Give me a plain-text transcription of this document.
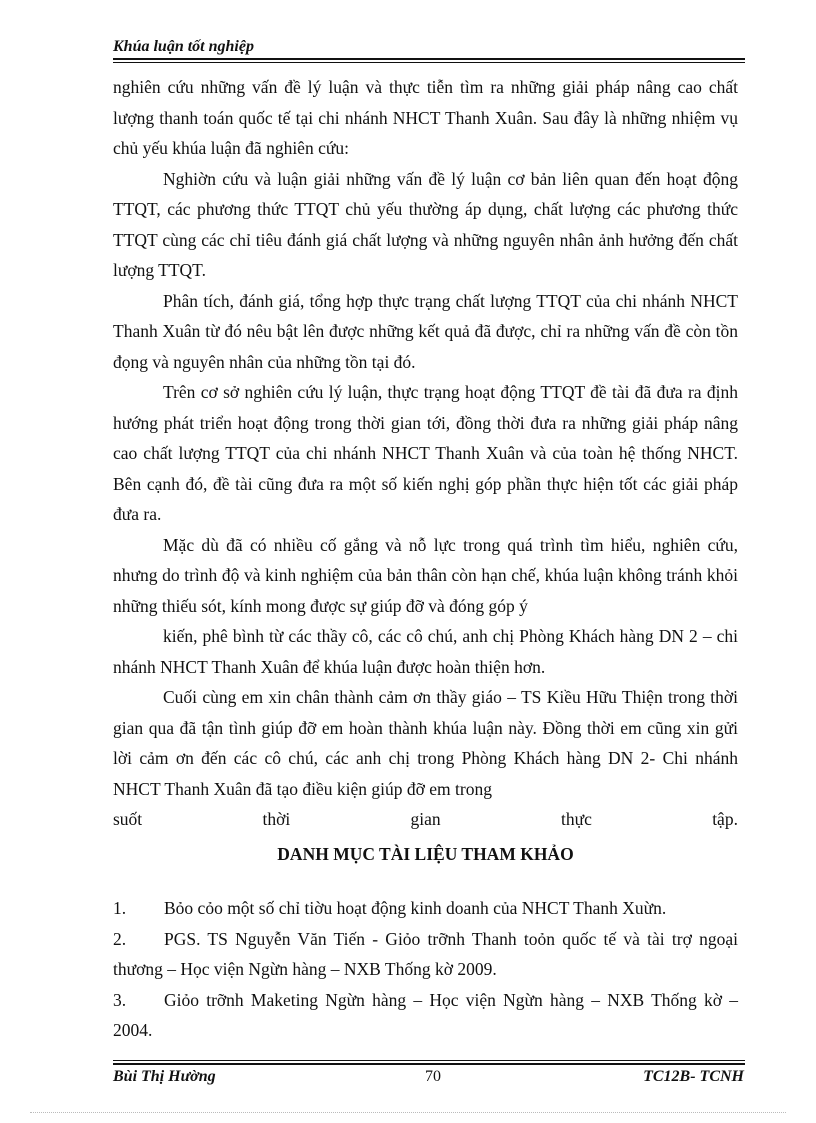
Khúa luận tốt nghiệp

nghiên cứu những vấn đề lý luận và thực tiễn tìm ra những giải pháp nâng cao chất lượng thanh toán quốc tế tại chi nhánh NHCT Thanh Xuân. Sau đây là những nhiệm vụ chủ yếu khúa luận đã nghiên cứu:

Nghiờn cứu và luận giải những vấn đề lý luận cơ bản liên quan đến hoạt động TTQT, các phương thức TTQT chủ yếu thường áp dụng, chất lượng các phương thức TTQT cùng các chỉ tiêu đánh giá chất lượng và những nguyên nhân ảnh hưởng đến chất lượng TTQT.

Phân tích, đánh giá, tổng hợp thực trạng chất lượng TTQT của chi nhánh NHCT Thanh Xuân từ đó nêu bật lên được những kết quả đã được, chỉ ra những vấn đề còn tồn đọng và nguyên nhân của những tồn tại đó.

Trên cơ sở nghiên cứu lý luận, thực trạng hoạt động TTQT đề tài đã đưa ra định hướng phát triển hoạt động trong thời gian tới, đồng thời đưa ra những giải pháp nâng cao chất lượng TTQT của chi nhánh NHCT Thanh Xuân và của toàn hệ thống NHCT. Bên cạnh đó, đề tài cũng đưa ra một số kiến nghị góp phần thực hiện tốt các giải pháp đưa ra.

Mặc dù đã có nhiều cố gắng và nỗ lực trong quá trình tìm hiểu, nghiên cứu, nhưng do trình độ và kinh nghiệm của bản thân còn hạn chế, khúa luận không tránh khỏi những thiếu sót, kính mong được sự giúp đỡ và đóng góp ý

kiến, phê bình từ các thầy cô, các cô chú, anh chị Phòng Khách hàng DN 2 – chi nhánh NHCT Thanh Xuân để khúa luận được hoàn thiện hơn.

Cuối cùng em xin chân thành cảm ơn thầy giáo – TS Kiều Hữu Thiện trong thời gian qua đã tận tình giúp đỡ em hoàn thành khúa luận này. Đồng thời em cũng xin gửi lời cảm ơn đến các cô chú, các anh chị trong Phòng Khách hàng DN 2- Chi nhánh NHCT Thanh Xuân đã tạo điều kiện giúp đỡ em trong

suốt	thời	gian	thực	tập.
DANH MỤC TÀI LIỆU THAM KHẢO

1. Bỏo cỏo một số chỉ tiờu hoạt động kinh doanh của NHCT Thanh Xuừn.

2. PGS. TS Nguyễn Văn Tiến - Giỏo trỡnh Thanh toỏn quốc tế và tài trợ ngoại thương – Học viện Ngừn hàng – NXB Thống kờ 2009.

3. Giỏo trỡnh Maketing Ngừn hàng – Học viện Ngừn hàng – NXB Thống kờ – 2004.

Bùi Thị Hường	70	TC12B- TCNH
